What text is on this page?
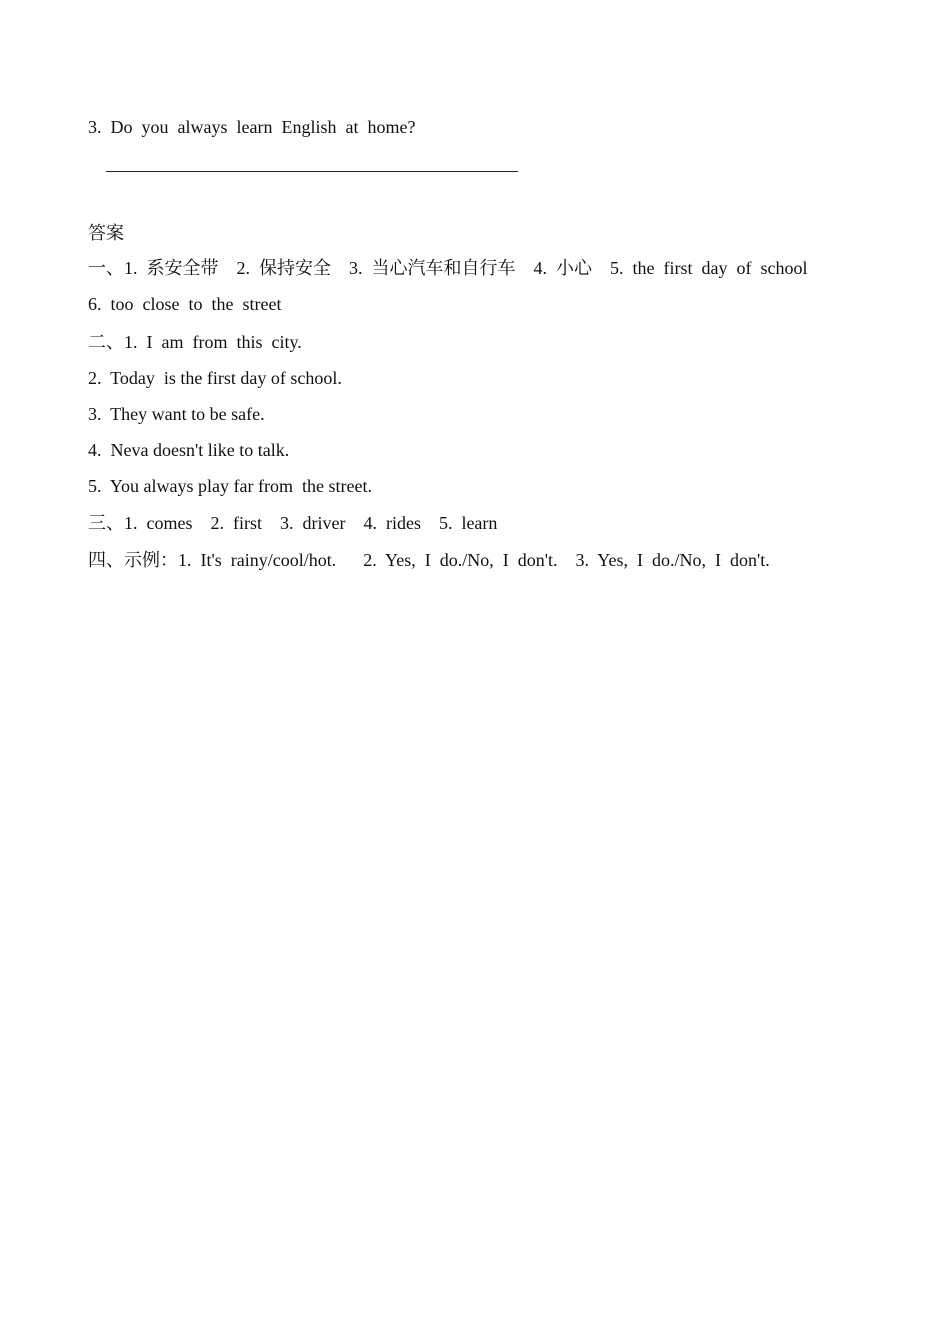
3.  Do  you  always  learn  English  at  home?
答案
一、1.  系安全带    2.  保持安全    3.  当心汽车和自行车    4.  小心    5.  the  first  day  of  school
6.  too  close  to  the  street
二、1.  I  am  from  this  city.
2.  Today  is the first day of school.
3.  They want to be safe.
4.  Neva doesn't like to talk.
5.  You always play far from  the street.
三、1.  comes    2.  first    3.  driver    4.  rides    5.  learn
四、示例：1.  It's  rainy/cool/hot.      2.  Yes,  I  do./No,  I  don't.    3.  Yes,  I  do./No,  I  don't.
